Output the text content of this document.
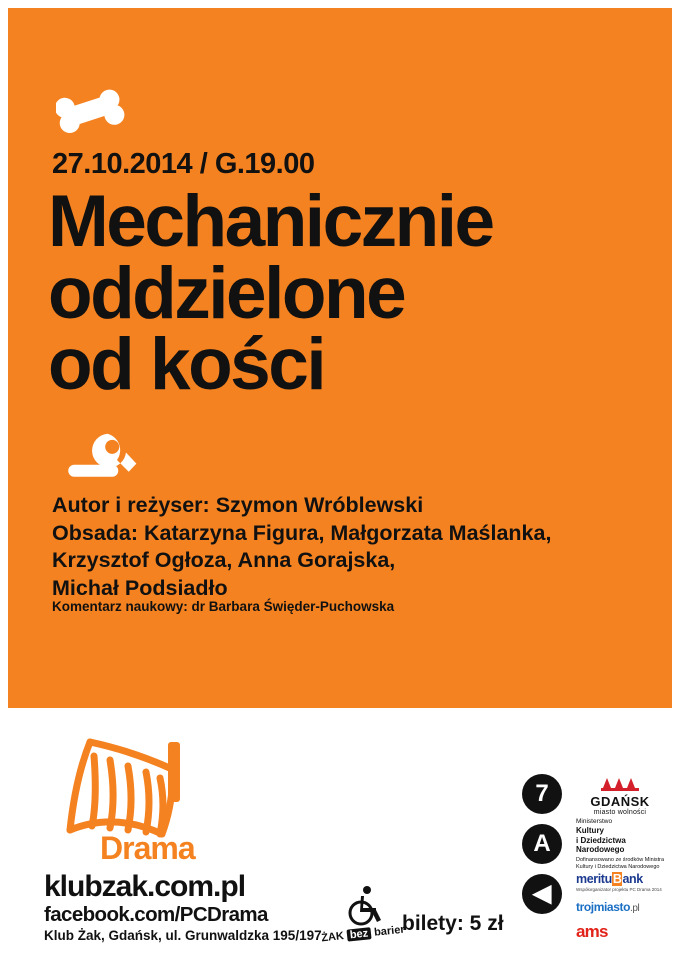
27.10.2014 / G.19.00
Mechanicznie
oddzielone
od kości
Autor i reżyser: Szymon Wróblewski
Obsada: Katarzyna Figura, Małgorzata Maślanka,
Krzysztof Ogłoza, Anna Gorajska,
Michał Podsiadło
Komentarz naukowy: dr Barbara Święder-Puchowska
Drama
klubzak.com.pl
facebook.com/PCDrama
Klub Żak, Gdańsk, ul. Grunwaldzka 195/197 ŻAK bez barier
bilety: 5 zł
7
A
◀
GDAŃSK
miasto wolności
Ministerstwo
Kultury
i Dziedzictwa
Narodowego
Dofinansowano ze środków Ministra Kultury i Dziedzictwa Narodowego
merituBank
Współorganizator projektu PC Drama 2014
trojmiasto.pl
ams
